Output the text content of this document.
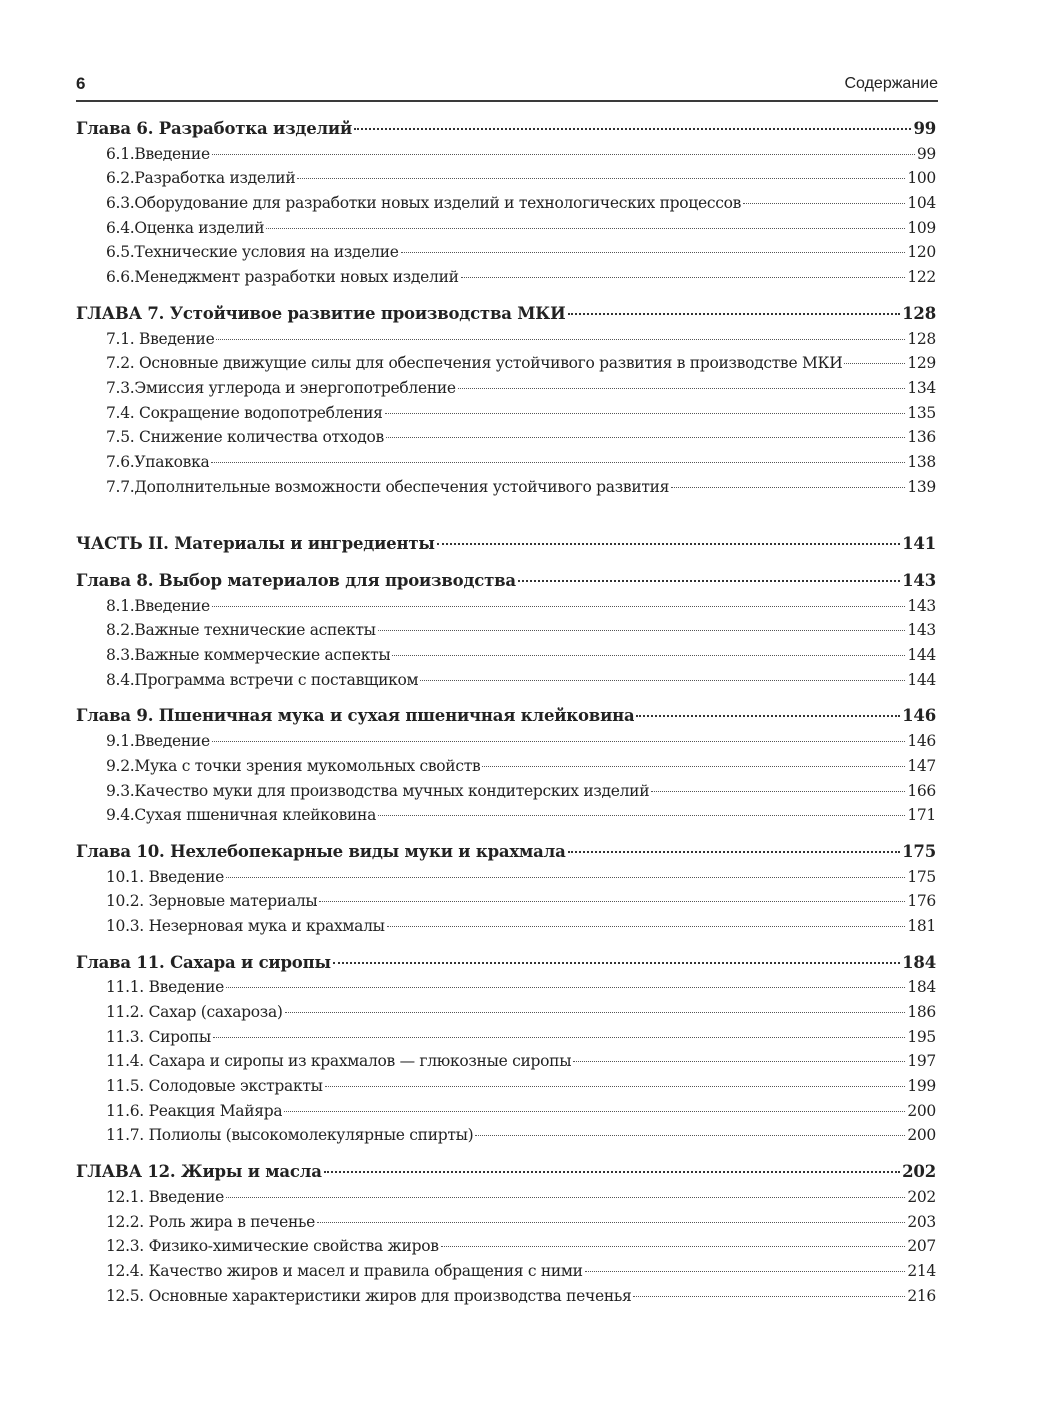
6	Содержание
Глава 6. Разработка изделий	99
6.1.Введение	99
6.2.Разработка изделий	100
6.3.Оборудование для разработки новых изделий и технологических процессов	104
6.4.Оценка изделий	109
6.5.Технические условия на изделие	120
6.6.Менеджмент разработки новых изделий	122
ГЛАВА 7. Устойчивое развитие производства МКИ	128
7.1. Введение	128
7.2. Основные движущие силы для обеспечения устойчивого развития в производстве МКИ	129
7.3.Эмиссия углерода и энергопотребление	134
7.4. Сокращение водопотребления	135
7.5. Снижение количества отходов	136
7.6.Упаковка	138
7.7.Дополнительные возможности обеспечения устойчивого развития	139
ЧАСТЬ II. Материалы и ингредиенты	141
Глава 8. Выбор материалов для производства	143
8.1.Введение	143
8.2.Важные технические аспекты	143
8.3.Важные коммерческие аспекты	144
8.4.Программа встречи с поставщиком	144
Глава 9. Пшеничная мука и сухая пшеничная клейковина	146
9.1.Введение	146
9.2.Мука с точки зрения мукомольных свойств	147
9.3.Качество муки для производства мучных кондитерских изделий	166
9.4.Сухая пшеничная клейковина	171
Глава 10. Нехлебопекарные виды муки и крахмала	175
10.1. Введение	175
10.2. Зерновые материалы	176
10.3. Незерновая мука и крахмалы	181
Глава 11. Сахара и сиропы	184
11.1. Введение	184
11.2. Сахар (сахароза)	186
11.3. Сиропы	195
11.4. Сахара и сиропы из крахмалов — глюкозные сиропы	197
11.5. Солодовые экстракты	199
11.6. Реакция Майяра	200
11.7. Полиолы (высокомолекулярные спирты)	200
ГЛАВА 12. Жиры и масла	202
12.1. Введение	202
12.2. Роль жира в печенье	203
12.3. Физико-химические свойства жиров	207
12.4. Качество жиров и масел и правила обращения с ними	214
12.5. Основные характеристики жиров для производства печенья	216
